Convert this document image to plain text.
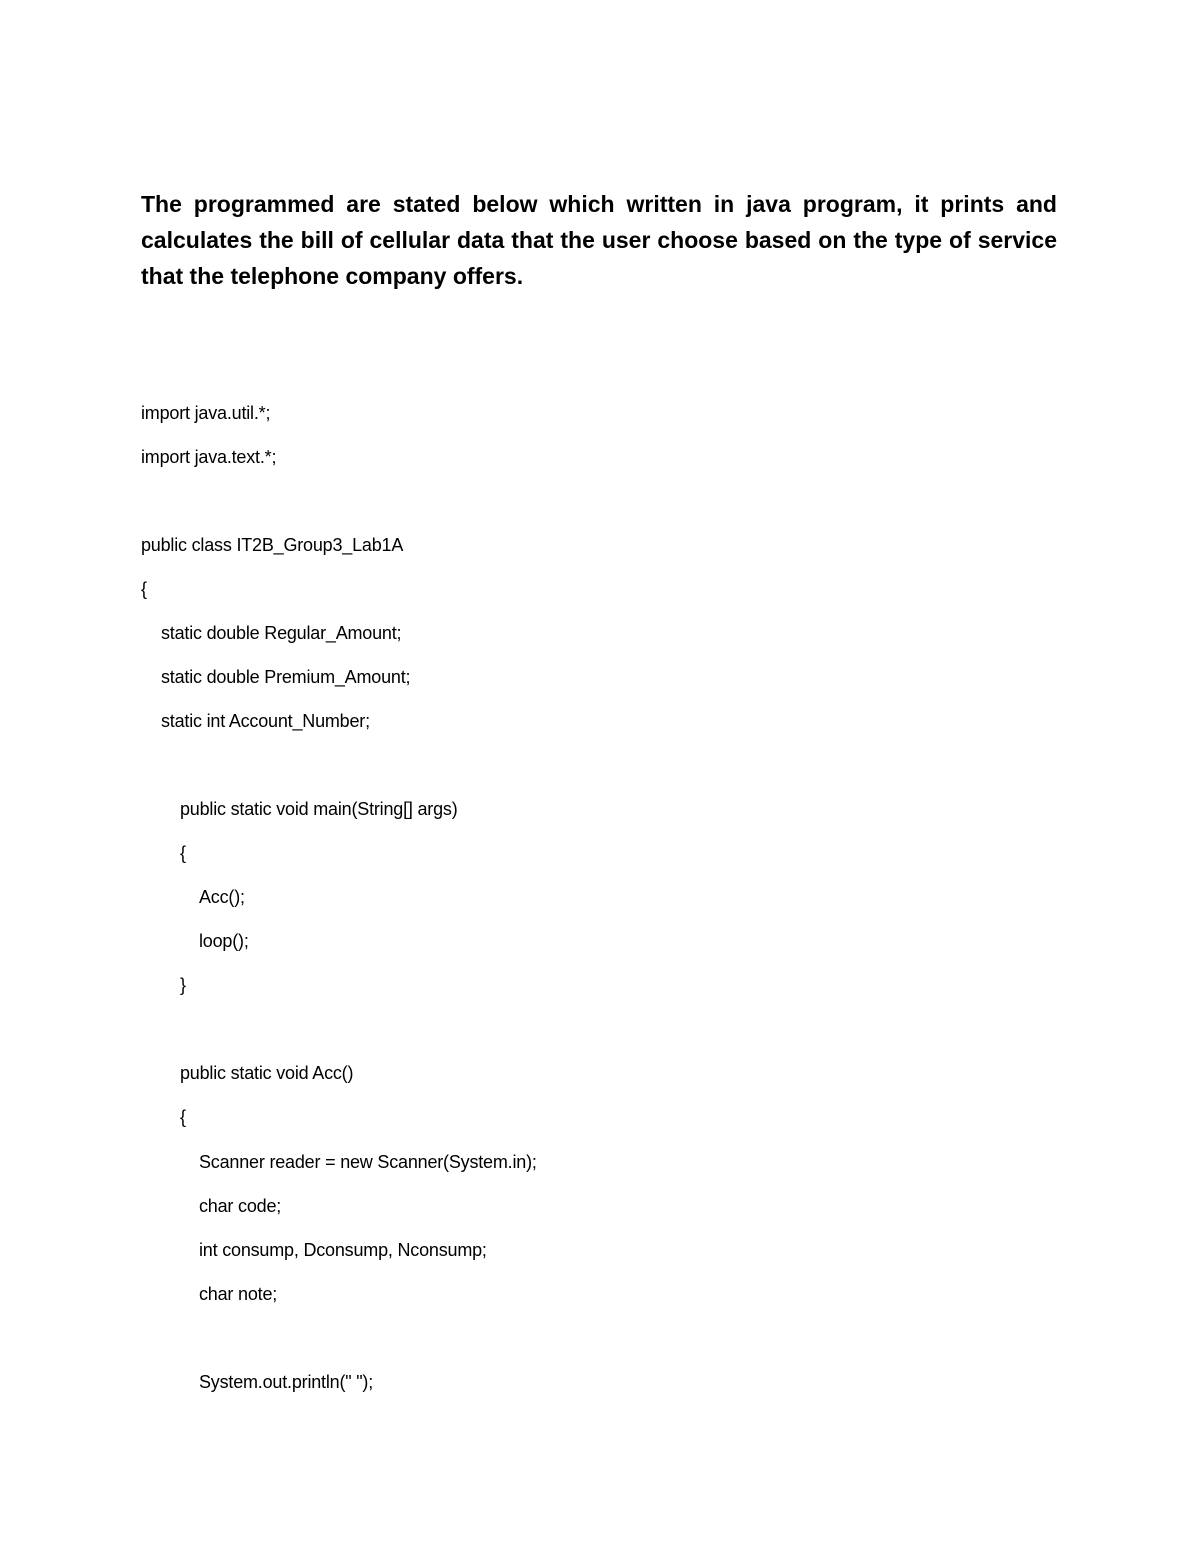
The programmed are stated below which written in java program, it prints and calculates the bill of cellular data that the user choose based on the type of service that the telephone company offers.

import java.util.*;
import java.text.*;
public class IT2B_Group3_Lab1A
{
static double Regular_Amount;
static double Premium_Amount;
static int Account_Number;
public static void main(String[] args)
{
Acc();
loop();
}
public static void Acc()
{
Scanner reader = new Scanner(System.in);
char code;
int consump, Dconsump, Nconsump;
char note;
System.out.println(" ");
